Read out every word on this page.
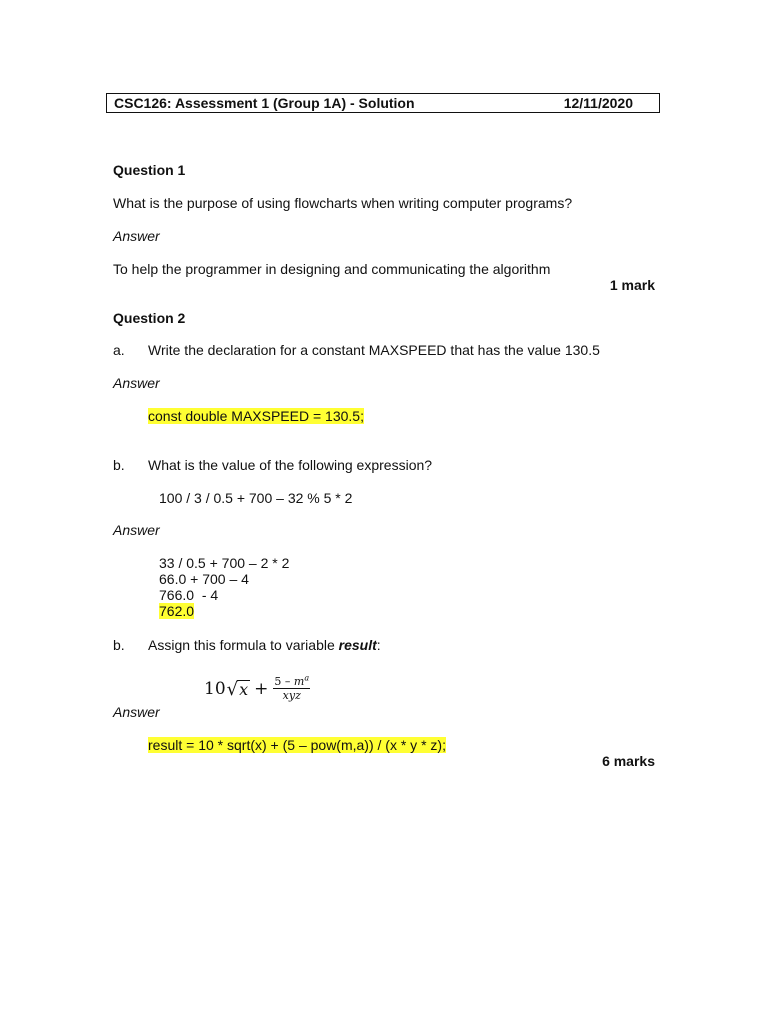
CSC126: Assessment 1 (Group 1A) - Solution	12/11/2020
Question 1
What is the purpose of using flowcharts when writing computer programs?
Answer
To help the programmer in designing and communicating the algorithm
1 mark
Question 2
a. Write the declaration for a constant MAXSPEED that has the value 130.5
Answer
const double MAXSPEED = 130.5;
b. What is the value of the following expression?
100 / 3 / 0.5 + 700 – 32 % 5 * 2
Answer
33 / 0.5 + 700 – 2 * 2
66.0 + 700 – 4
766.0  - 4
762.0
b. Assign this formula to variable result:
10 √ $x + \frac{5 - m^a}{\text{xyz}}$
Answer
result = 10 * sqrt(x) + (5 – pow(m,a)) / (x * y * z);
6 marks
